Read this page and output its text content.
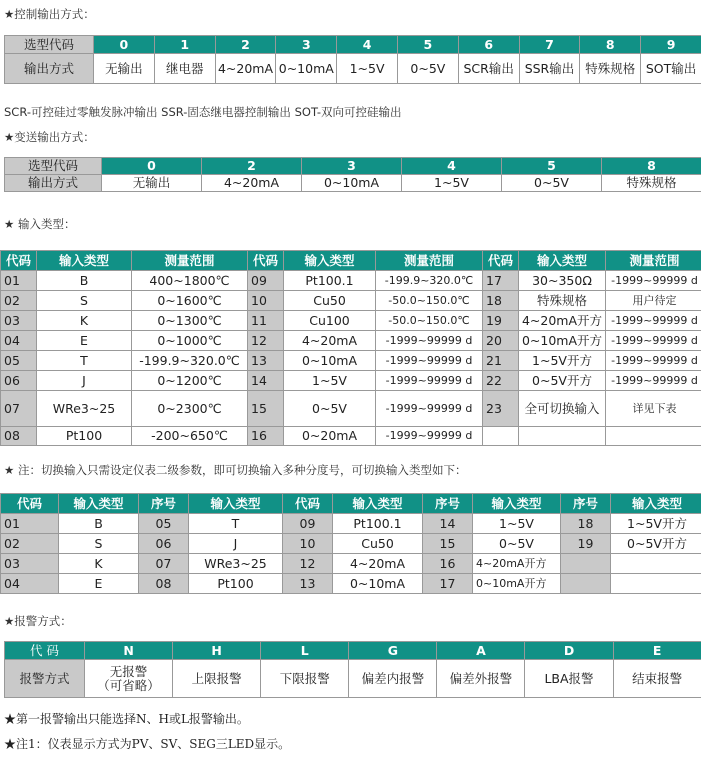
★控制输出方式：
选型代码	0	1	2	3	4	5	6	7	8	9
输出方式	无输出	继电器	4~20mA	0~10mA	1~5V	0~5V	SCR输出	SSR输出	特殊规格	SOT输出
SCR-可控硅过零触发脉冲输出 SSR-固态继电器控制输出 SOT-双向可控硅输出
★变送输出方式：
选型代码	0	2	3	4	5	8
输出方式	无输出	4~20mA	0~10mA	1~5V	0~5V	特殊规格
★ 输入类型：
代码	输入类型	测量范围	代码	输入类型	测量范围	代码	输入类型	测量范围
01	B	400~1800℃	09	Pt100.1	-199.9~320.0℃	17	30~350Ω	-1999~99999 d
02	S	0~1600℃	10	Cu50	-50.0~150.0℃	18	特殊规格	用户待定
03	K	0~1300℃	11	Cu100	-50.0~150.0℃	19	4~20mA开方	-1999~99999 d
04	E	0~1000℃	12	4~20mA	-1999~99999 d	20	0~10mA开方	-1999~99999 d
05	T	-199.9~320.0℃	13	0~10mA	-1999~99999 d	21	1~5V开方	-1999~99999 d
06	J	0~1200℃	14	1~5V	-1999~99999 d	22	0~5V开方	-1999~99999 d
07	WRe3~25	0~2300℃	15	0~5V	-1999~99999 d	23	全可切换输入	详见下表
08	Pt100	-200~650℃	16	0~20mA	-1999~99999 d			
★ 注：切换输入只需设定仪表二级参数，即可切换输入多种分度号，可切换输入类型如下：
代码	输入类型	序号	输入类型	代码	输入类型	序号	输入类型	序号	输入类型
01	B	05	T	09	Pt100.1	14	1~5V	18	1~5V开方
02	S	06	J	10	Cu50	15	0~5V	19	0~5V开方
03	K	07	WRe3~25	12	4~20mA	16	4~20mA开方		
04	E	08	Pt100	13	0~10mA	17	0~10mA开方		
★报警方式：
代 码	N	H	L	G	A	D	E
报警方式	无报警
（可省略）	上限报警	下限报警	偏差内报警	偏差外报警	LBA报警	结束报警
★第一报警输出只能选择N、H或L报警输出。
★注1：仪表显示方式为PV、SV、SEG三LED显示。
